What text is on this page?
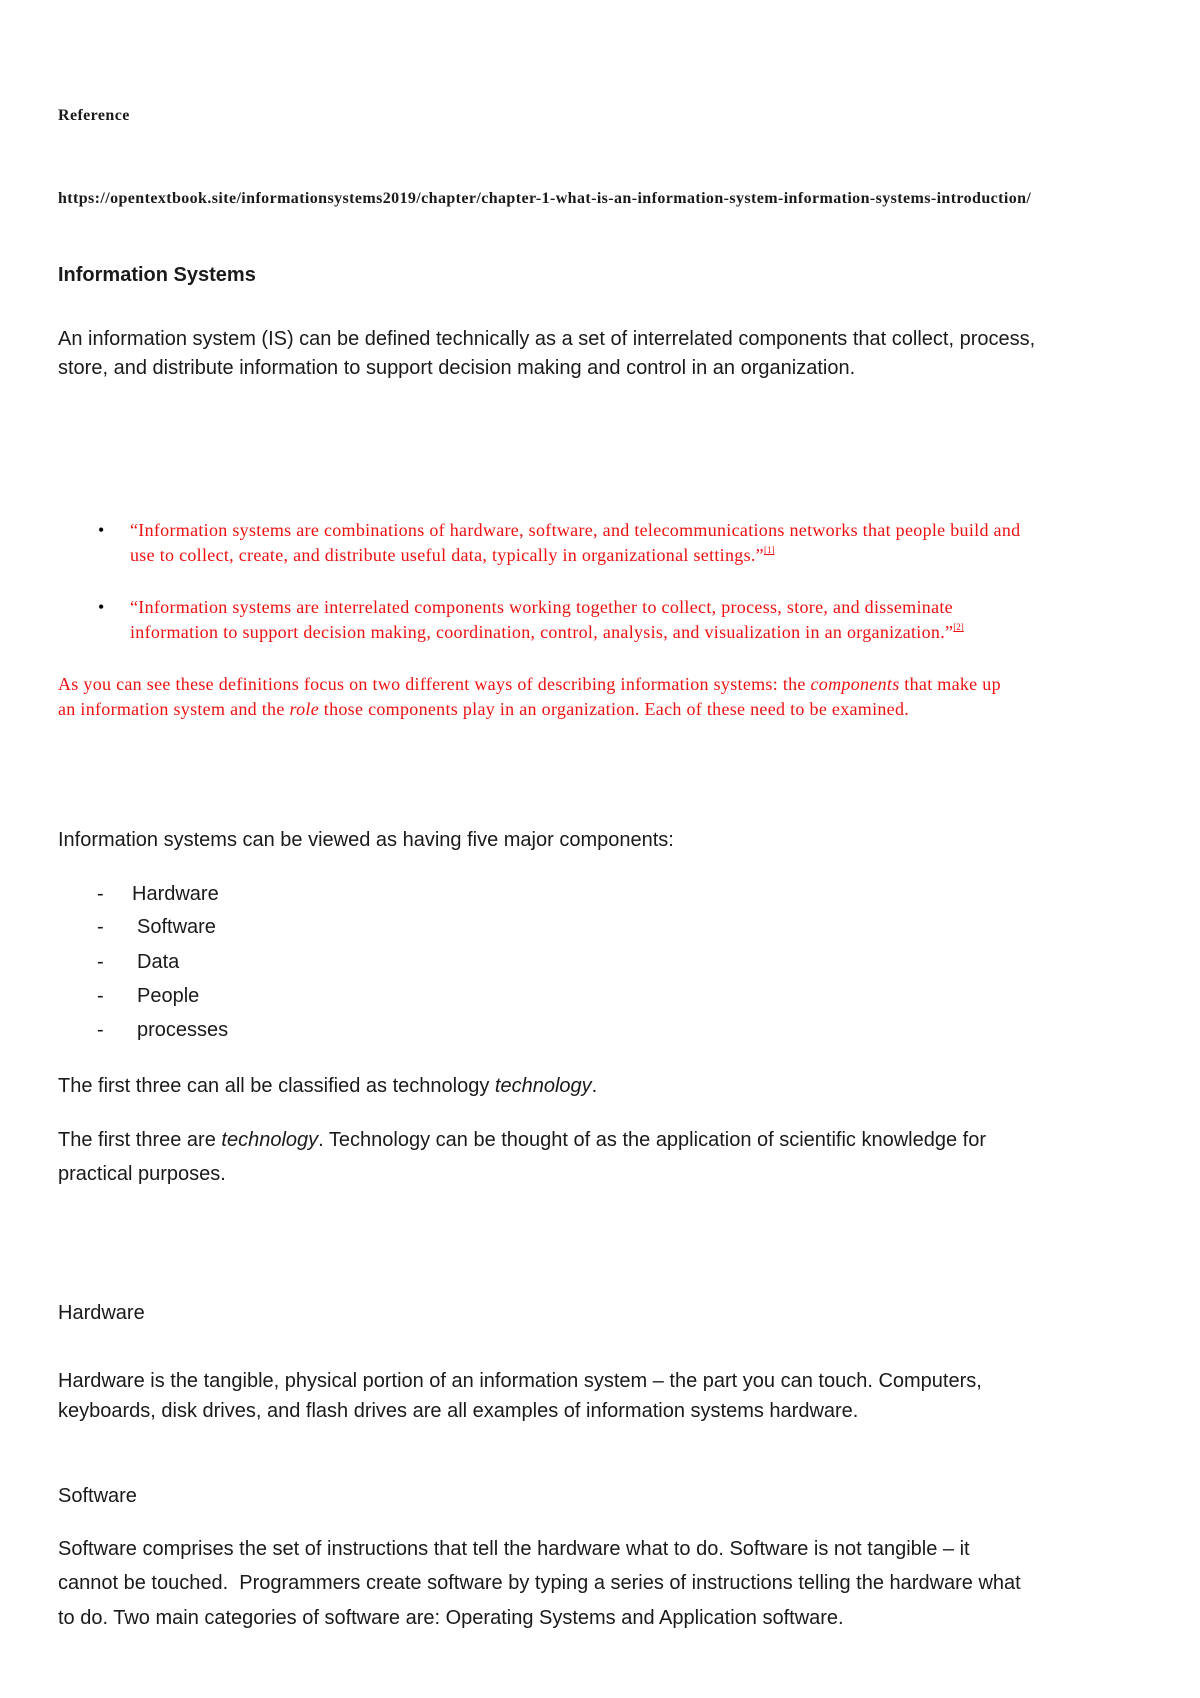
Reference
https://opentextbook.site/informationsystems2019/chapter/chapter-1-what-is-an-information-system-information-systems-introduction/
Information Systems
An information system (IS) can be defined technically as a set of interrelated components that collect, process,
store, and distribute information to support decision making and control in an organization.
• “Information systems are combinations of hardware, software, and telecommunications networks that people build and
use to collect, create, and distribute useful data, typically in organizational settings.”[1]
• “Information systems are interrelated components working together to collect, process, store, and disseminate
information to support decision making, coordination, control, analysis, and visualization in an organization.”[2]
As you can see these definitions focus on two different ways of describing information systems: the components that make up
an information system and the role those components play in an organization. Each of these need to be examined.
Information systems can be viewed as having five major components:
- Hardware
- Software
- Data
- People
- processes
The first three can all be classified as technology technology.
The first three are technology. Technology can be thought of as the application of scientific knowledge for
practical purposes.
Hardware
Hardware is the tangible, physical portion of an information system – the part you can touch. Computers,
keyboards, disk drives, and flash drives are all examples of information systems hardware.
Software
Software comprises the set of instructions that tell the hardware what to do. Software is not tangible – it
cannot be touched.  Programmers create software by typing a series of instructions telling the hardware what
to do. Two main categories of software are: Operating Systems and Application software.
